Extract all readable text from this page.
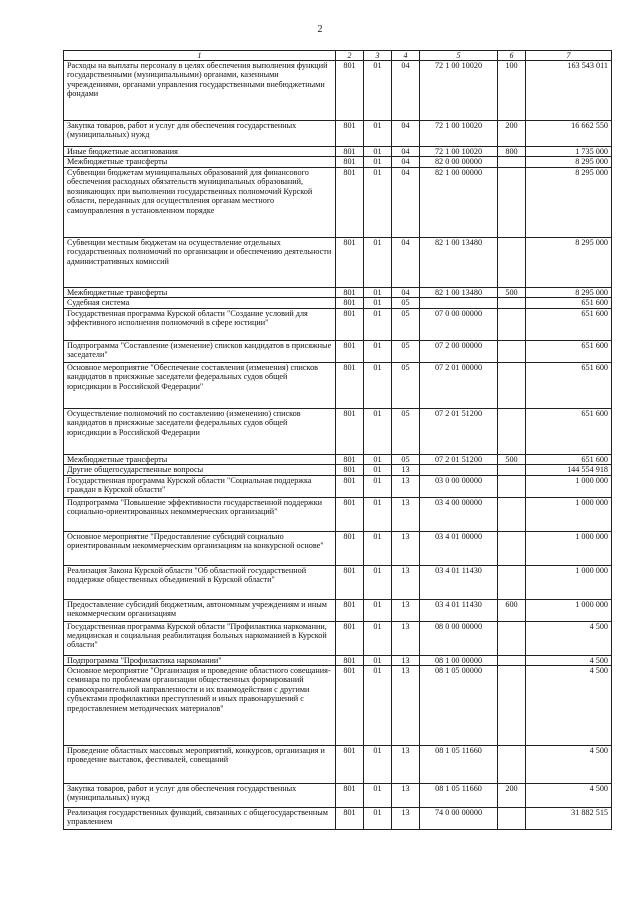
2
1	2	3	4	5	6	7
Расходы на выплаты персоналу в целях обеспечения выполнения функций государственными (муниципальными) органами, казенными учреждениями, органами управления государственными внебюджетными фондами	801	01	04	72 1 00 10020	100	163 543 011
Закупка товаров, работ и услуг для обеспечения государственных (муниципальных) нужд	801	01	04	72 1 00 10020	200	16 662 550
Иные бюджетные ассигнования	801	01	04	72 1 00 10020	800	1 735 000
Межбюджетные трансферты	801	01	04	82 0 00 00000		8 295 000
Субвенции бюджетам муниципальных образований для финансового обеспечения расходных обязательств муниципальных образований, возникающих при выполнении государственных полномочий Курской области, переданных для осуществления органам местного самоуправления в установленном порядке	801	01	04	82 1 00 00000		8 295 000
Субвенции местным бюджетам на осуществление отдельных государственных полномочий по организации и обеспечению деятельности административных комиссий	801	01	04	82 1 00 13480		8 295 000
Межбюджетные трансферты	801	01	04	82 1 00 13480	500	8 295 000
Судебная система	801	01	05			651 600
Государственная программа Курской области "Создание условий для эффективного исполнения полномочий в сфере юстиции"	801	01	05	07 0 00 00000		651 600
Подпрограмма "Составление (изменение) списков кандидатов в присяжные заседатели"	801	01	05	07 2 00 00000		651 600
Основное мероприятие "Обеспечение составления (изменения) списков кандидатов в присяжные заседатели федеральных судов общей юрисдикции в Российской Федерации"	801	01	05	07 2 01 00000		651 600
Осуществление полномочий по составлению (изменению) списков кандидатов в присяжные заседатели федеральных судов общей юрисдикции в Российской Федерации	801	01	05	07 2 01 51200		651 600
Межбюджетные трансферты	801	01	05	07 2 01 51200	500	651 600
Другие общегосударственные вопросы	801	01	13			144 554 918
Государственная программа Курской области "Социальная поддержка граждан в Курской области"	801	01	13	03 0 00 00000		1 000 000
Подпрограмма "Повышение эффективности государственной поддержки социально-ориентированных некоммерческих организаций"	801	01	13	03 4 00 00000		1 000 000
Основное мероприятие "Предоставление субсидий социально ориентированным некоммерческим организациям на конкурсной основе"	801	01	13	03 4 01 00000		1 000 000
Реализация Закона Курской области "Об областной государственной поддержке общественных объединений в Курской области"	801	01	13	03 4 01 11430		1 000 000
Предоставление субсидий бюджетным, автономным учреждениям и иным некоммерческим организациям	801	01	13	03 4 01 11430	600	1 000 000
Государственная программа Курской области "Профилактика наркомании, медицинская и социальная реабилитация больных наркоманией в Курской области"	801	01	13	08 0 00 00000		4 500
Подпрограмма "Профилактика наркомании"	801	01	13	08 1 00 00000		4 500
Основное мероприятие "Организация и проведение областного совещания-семинара по проблемам организации общественных формирований правоохранительной направленности и их взаимодействия с другими субъектами профилактики преступлений и иных правонарушений с предоставлением методических материалов"	801	01	13	08 1 05 00000		4 500
Проведение областных массовых мероприятий, конкурсов, организация и проведение выставок, фестивалей, совещаний	801	01	13	08 1 05 11660		4 500
Закупка товаров, работ и услуг для обеспечения государственных (муниципальных) нужд	801	01	13	08 1 05 11660	200	4 500
Реализация государственных функций, связанных с общегосударственным управлением	801	01	13	74 0 00 00000		31 882 515
